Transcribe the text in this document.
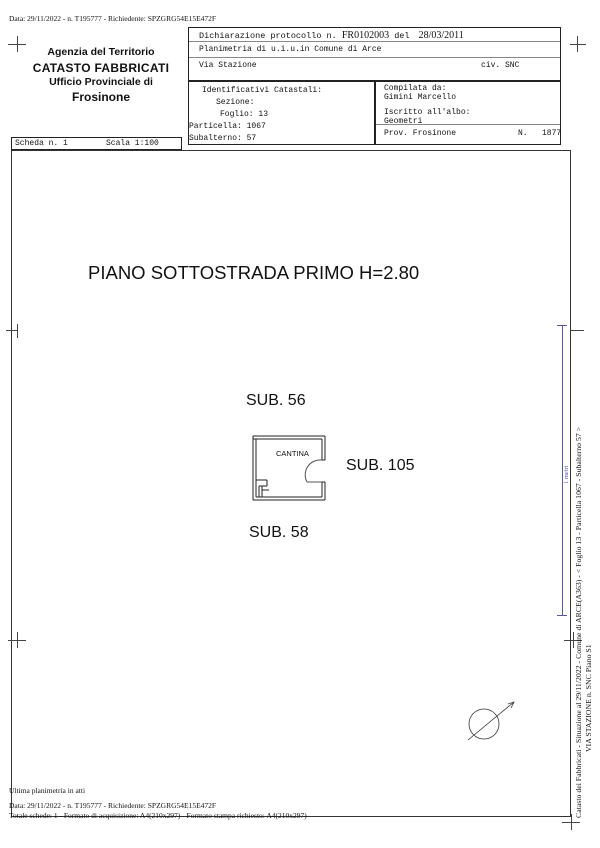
Data: 29/11/2022 - n. T195777 - Richiedente: SPZGRG54E15E472F
Agenzia del Territorio
CATASTO FABBRICATI
Ufficio Provinciale di
Frosinone
Dichiarazione protocollo n. FR0102003 del 28/03/2011
Planimetria di u.i.u.in Comune di Arce
Via Stazione	civ. SNC
Identificativi Catastali:
Sezione:
Foglio: 13
Particella: 1067
Subalterno: 57
Compilata da:
Gimini Marcello
Iscritto all'albo:
Geometri
Prov. Frosinone	N.   1877
Scheda n. 1	Scala 1:100
PIANO SOTTOSTRADA PRIMO H=2.80
SUB. 56
SUB. 105
SUB. 58
CANTINA
1 metri Catasto dei Fabbricati - Situazione al 29/11/2022 - Comune di ARCE(A363) - < Foglio 13 - Particella 1067 - Subalterno 57 > VIA STAZIONE n. SNC Piano S1
Ultima planimetria in atti
Data: 29/11/2022 - n. T195777 - Richiedente: SPZGRG54E15E472F
Totale schede: 1 - Formato di acquisizione: A4(210x297) - Formato stampa richiesto: A4(210x297)
